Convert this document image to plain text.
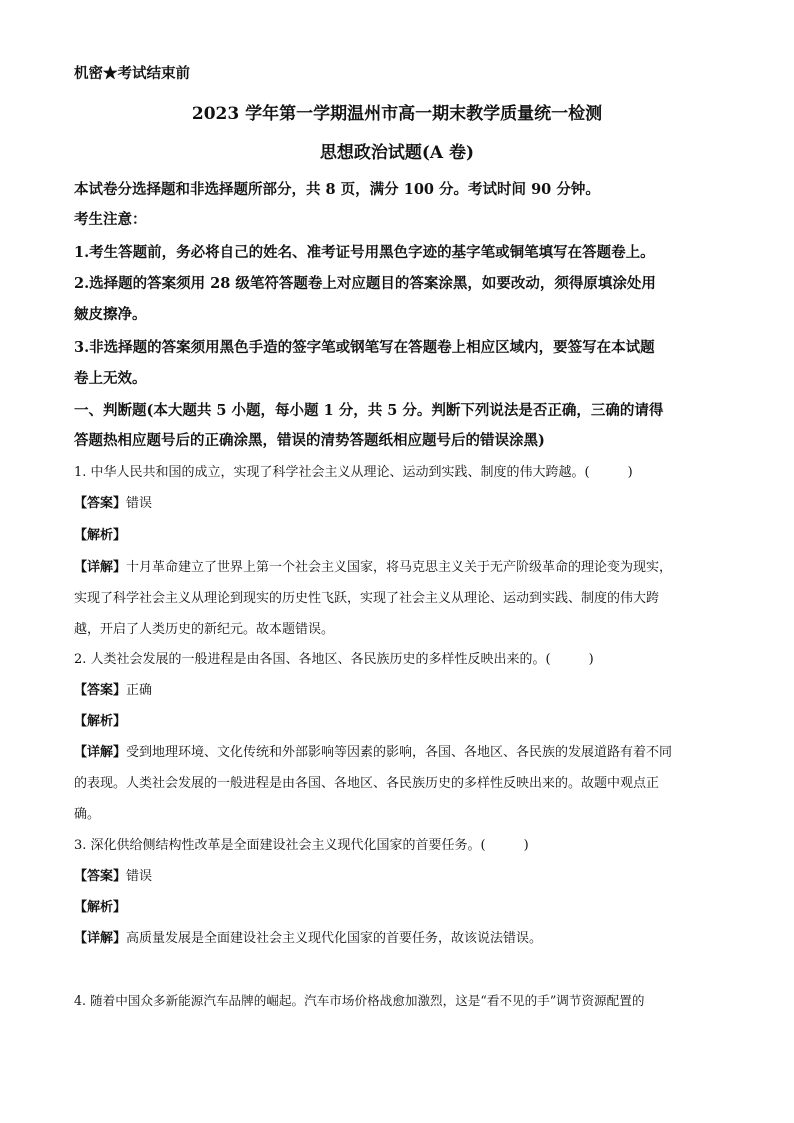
机密★考试结束前
2023 学年第一学期温州市高一期末教学质量统一检测
思想政治试题(A 卷)
本试卷分选择题和非选择题所部分，共 8 页，满分 100 分。考试时间 90 分钟。
考生注意：
1.考生答题前，务必将自己的姓名、准考证号用黑色字迹的基字笔或铜笔填写在答题卷上。
2.选择题的答案须用 28 级笔符答题卷上对应题目的答案涂黑，如要改动，须得原填涂处用
皴皮擦净。
3.非选择题的答案须用黑色手造的签字笔或钢笔写在答题卷上相应区域内，要签写在本试题
卷上无效。
一、判断题(本大题共 5 小题，每小题 1 分，共 5 分。判断下列说法是否正确，三确的请得
答题热相应题号后的正确涂黑，错误的清势答题纸相应题号后的错误涂黑)
1. 中华人民共和国的成立，实现了科学社会主义从理论、运动到实践、制度的伟大跨越。(	)
【答案】错误
【解析】
【详解】十月革命建立了世界上第一个社会主义国家，将马克思主义关于无产阶级革命的理论变为现实，
实现了科学社会主义从理论到现实的历史性飞跃，实现了社会主义从理论、运动到实践、制度的伟大跨
越，开启了人类历史的新纪元。故本题错误。
2. 人类社会发展的一般进程是由各国、各地区、各民族历史的多样性反映出来的。(	)
【答案】正确
【解析】
【详解】受到地理环境、文化传统和外部影响等因素的影响，各国、各地区、各民族的发展道路有着不同
的表现。人类社会发展的一般进程是由各国、各地区、各民族历史的多样性反映出来的。故题中观点正
确。
3. 深化供给侧结构性改革是全面建设社会主义现代化国家的首要任务。(	)
【答案】错误
【解析】
【详解】高质量发展是全面建设社会主义现代化国家的首要任务，故该说法错误。
4. 随着中国众多新能源汽车品牌的崛起。汽车市场价格战愈加激烈，这是“看不见的手”调节资源配置的
